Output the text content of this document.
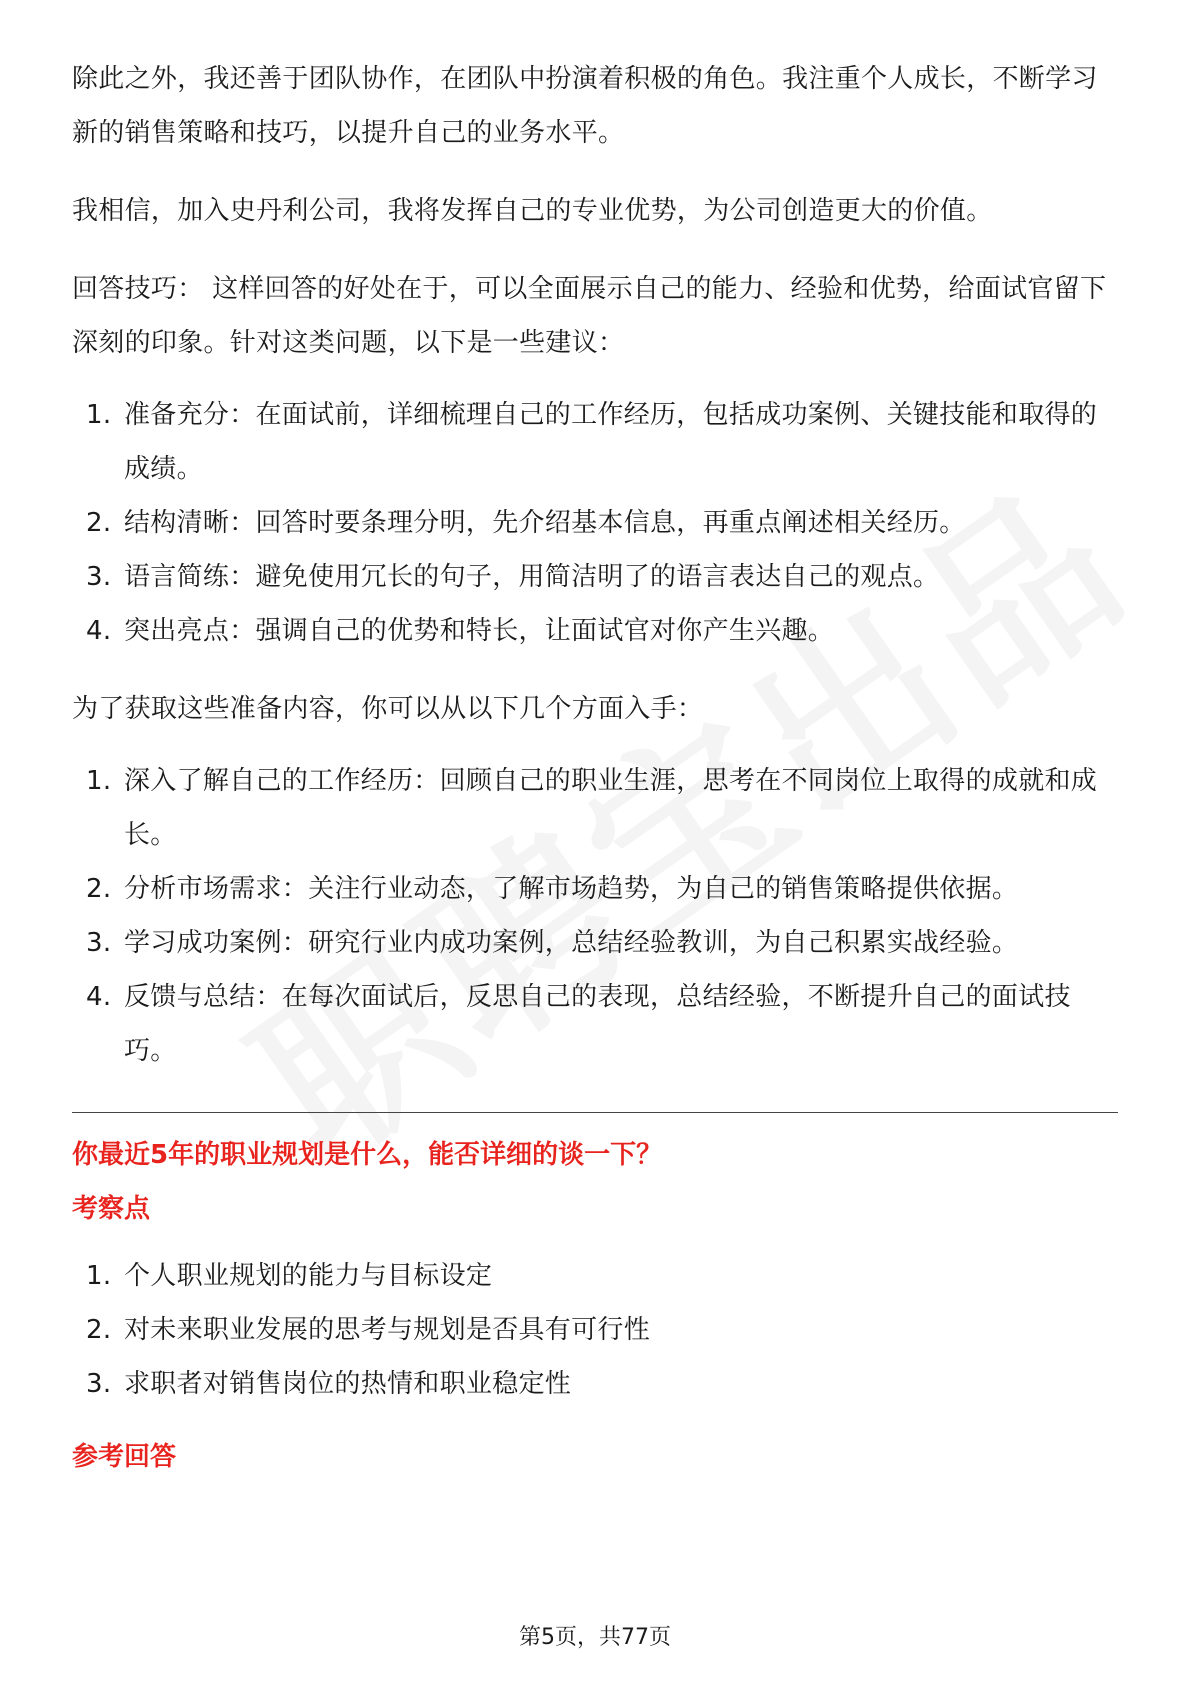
除此之外，我还善于团队协作，在团队中扮演着积极的角色。我注重个人成长，不断学习新的销售策略和技巧，以提升自己的业务水平。

我相信，加入史丹利公司，我将发挥自己的专业优势，为公司创造更大的价值。

回答技巧： 这样回答的好处在于，可以全面展示自己的能力、经验和优势，给面试官留下深刻的印象。针对这类问题，以下是一些建议：

1. 准备充分：在面试前，详细梳理自己的工作经历，包括成功案例、关键技能和取得的成绩。
2. 结构清晰：回答时要条理分明，先介绍基本信息，再重点阐述相关经历。
3. 语言简练：避免使用冗长的句子，用简洁明了的语言表达自己的观点。
4. 突出亮点：强调自己的优势和特长，让面试官对你产生兴趣。

为了获取这些准备内容，你可以从以下几个方面入手：

1. 深入了解自己的工作经历：回顾自己的职业生涯，思考在不同岗位上取得的成就和成长。
2. 分析市场需求：关注行业动态，了解市场趋势，为自己的销售策略提供依据。
3. 学习成功案例：研究行业内成功案例，总结经验教训，为自己积累实战经验。
4. 反馈与总结：在每次面试后，反思自己的表现，总结经验，不断提升自己的面试技巧。
你最近5年的职业规划是什么，能否详细的谈一下？
考察点
1. 个人职业规划的能力与目标设定
2. 对未来职业发展的思考与规划是否具有可行性
3. 求职者对销售岗位的热情和职业稳定性
参考回答
第5页，共77页
